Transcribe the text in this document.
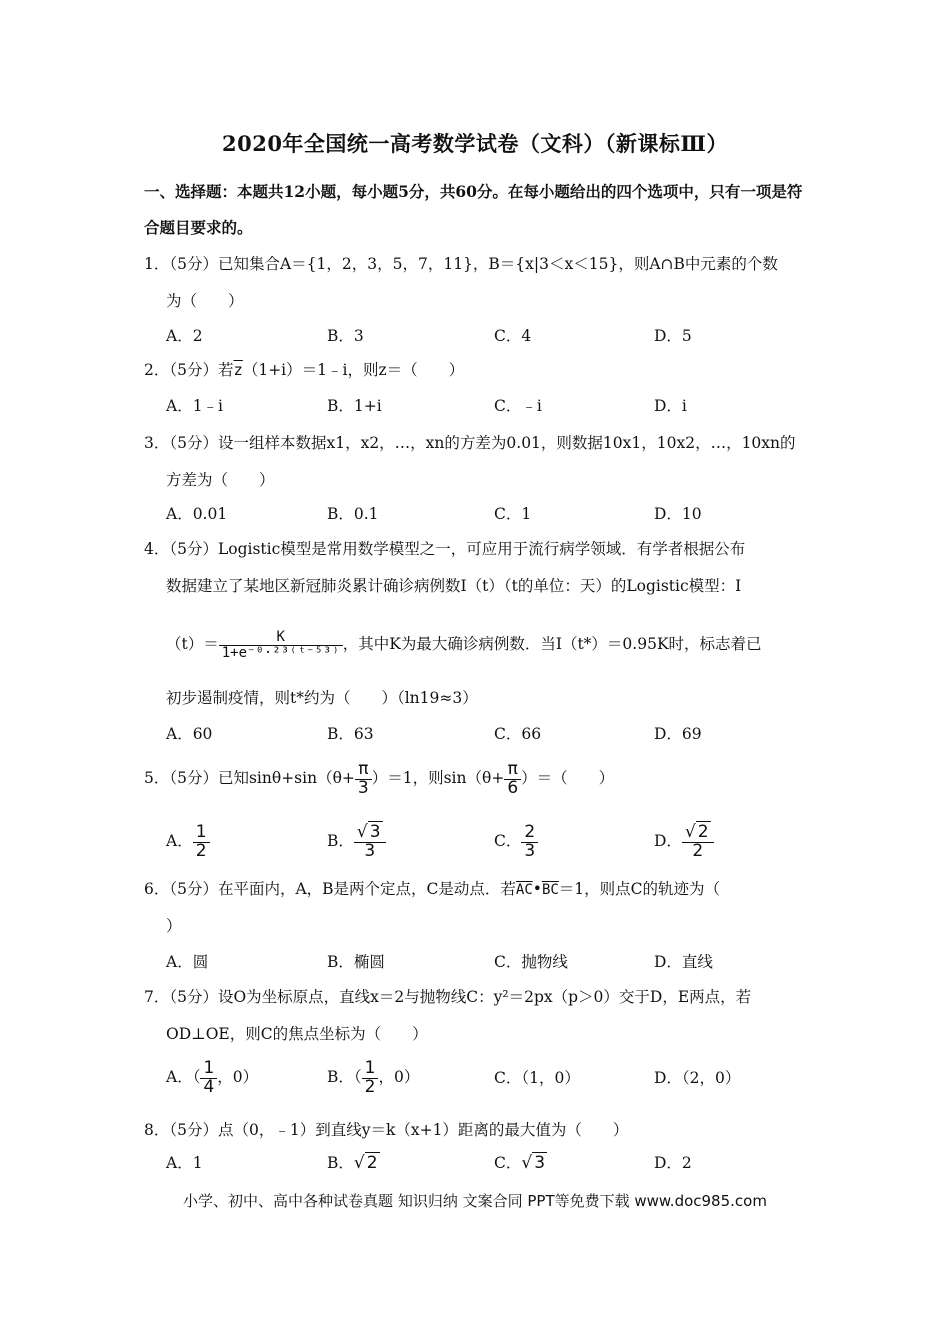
2020年全国统一高考数学试卷（文科）（新课标Ⅲ）
一、选择题：本题共12小题，每小题5分，共60分。在每小题给出的四个选项中，只有一项是符合题目要求的。
1．（5分）已知集合A＝{1，2，3，5，7，11}，B＝{x|3＜x＜15}，则A∩B中元素的个数
为（　　）
A．2	B．3	C．4	D．5
2．（5分）若$\overline{z}(1+i)=1﹣i$，则z＝（　　）
A．1﹣i	B．1+i	C．﹣i	D．i
3．（5分）设一组样本数据x1，x2，…，xn的方差为0.01，则数据10x1，10x2，…，10xn的
方差为（　　）
A．0.01	B．0.1	C．1	D．10
4．（5分）Logistic模型是常用数学模型之一，可应用于流行病学领域．有学者根据公布
数据建立了某地区新冠肺炎累计确诊病例数I（t）（t的单位：天）的Logistic模型：I
$(t)= \frac{K}{\text{1+e⁻⁰·²³⁽ᵗ⁻⁵³⁾}}$ ，其中K为最大确诊病例数．当I（t*）＝0.95K时，标志着已
初步遏制疫情，则t*约为（　　）（ln19≈3）
A．60	B．63	C．66	D．69
5．（5分）已知$\sin\theta+\sin(\theta+ \frac{\pi}{3} )=1$，则$\sin(\theta+ \frac{\pi}{6}$ ）＝（　　）
A． $\frac{1}{2}$	B． $\frac{√ 3}{3}$	C． $\frac{2}{3}$	D． $\frac{√ 2}{2}$
6．（5分）在平面内，A，B是两个定点，C是动点．若$\overline{AC}•\overline{BC}=1$，则点C的轨迹为（
）
A．圆	B．椭圆	C．抛物线	D．直线
7．（5分）设O为坐标原点，直线x＝2与抛物线C：y²＝2px（p＞0）交于D，E两点，若
OD⊥OE，则C的焦点坐标为（　　）
A．（ $\frac{1}{4}$ ，0）	B．（ $\frac{1}{2}$ ，0）	C．（1，0）	D．（2，0）
8．（5分）点（0，﹣1）到直线y＝k（x+1）距离的最大值为（　　）
A．1	B．√ 2	C．√ 3	D．2
小学、初中、高中各种试卷真题 知识归纳 文案合同 PPT等免费下载 www.doc985.com
